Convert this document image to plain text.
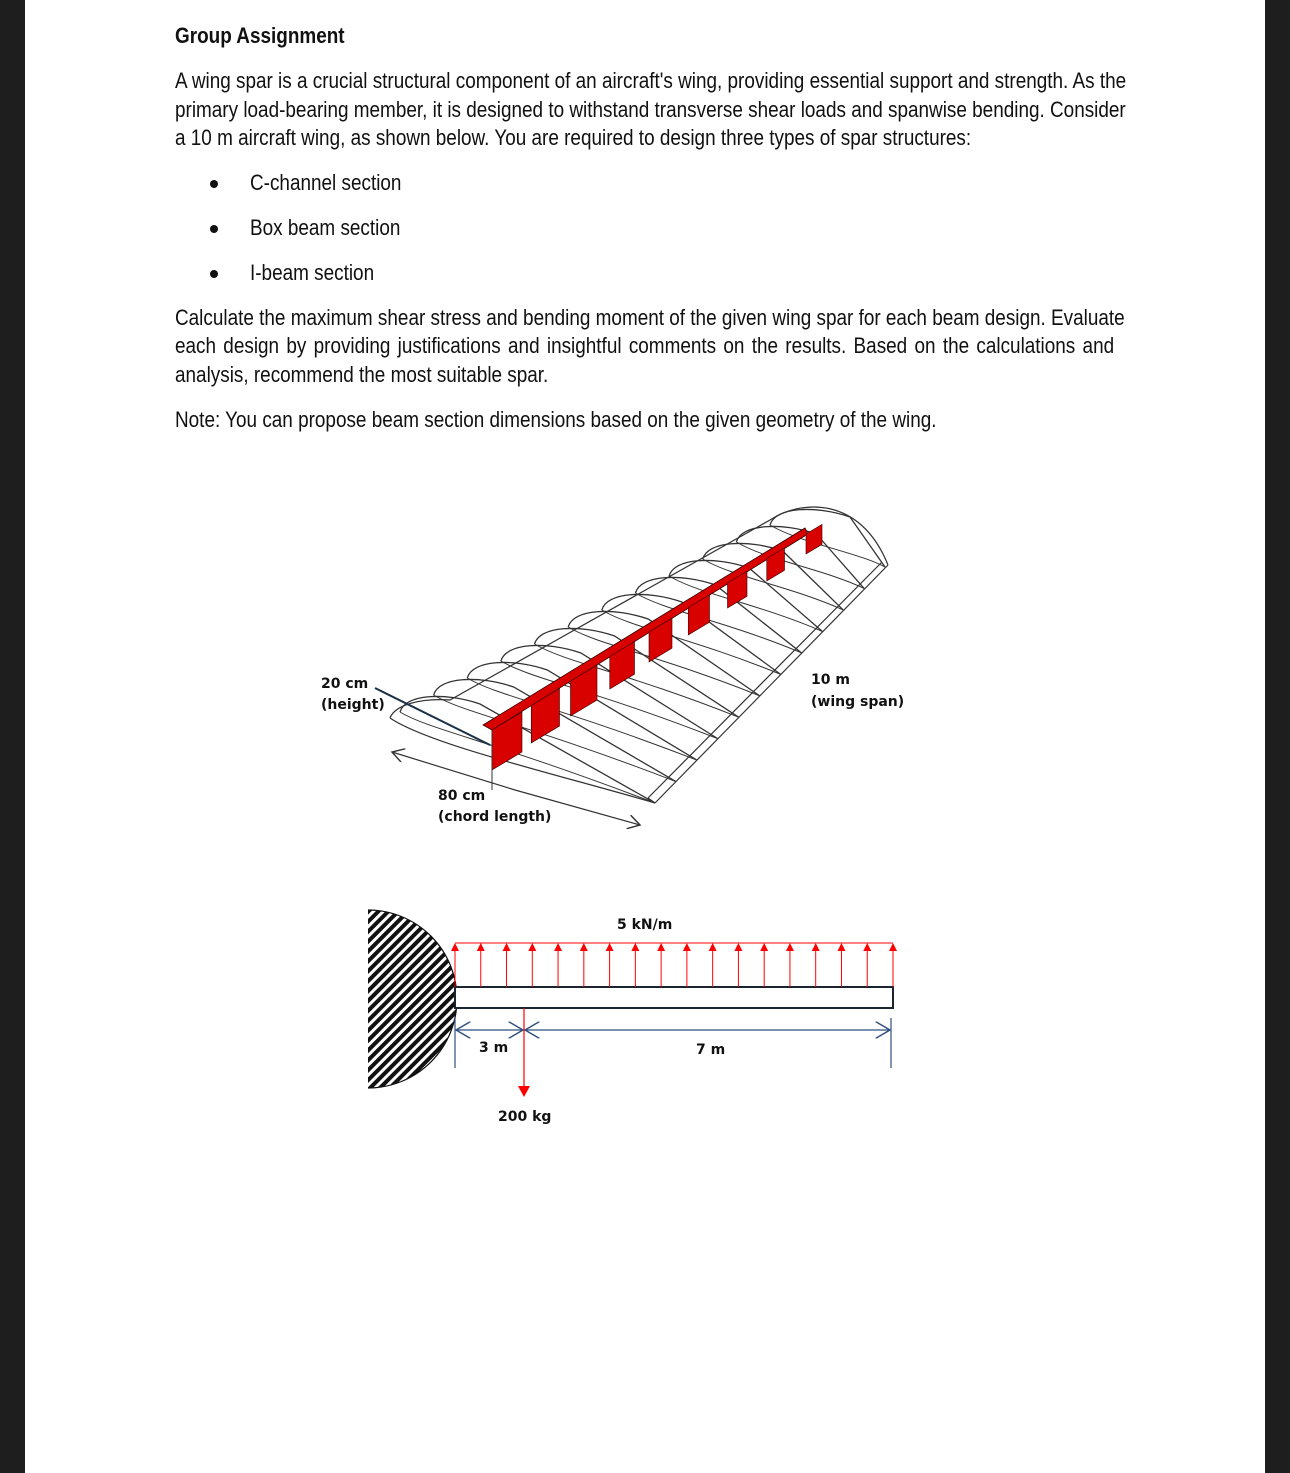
Group Assignment
A wing spar is a crucial structural component of an aircraft's wing, providing essential support and strength. As the
primary load-bearing member, it is designed to withstand transverse shear loads and spanwise bending. Consider
a 10 m aircraft wing, as shown below. You are required to design three types of spar structures:
C-channel section
Box beam section
I-beam section
Calculate the maximum shear stress and bending moment of the given wing spar for each beam design. Evaluate
each design by providing justifications and insightful comments on the results. Based on the calculations and
analysis, recommend the most suitable spar.
Note: You can propose beam section dimensions based on the given geometry of the wing.
20 cm
(height)
10 m
(wing span)
80 cm
(chord length)
5 kN/m
3 m	7 m
200 kg
